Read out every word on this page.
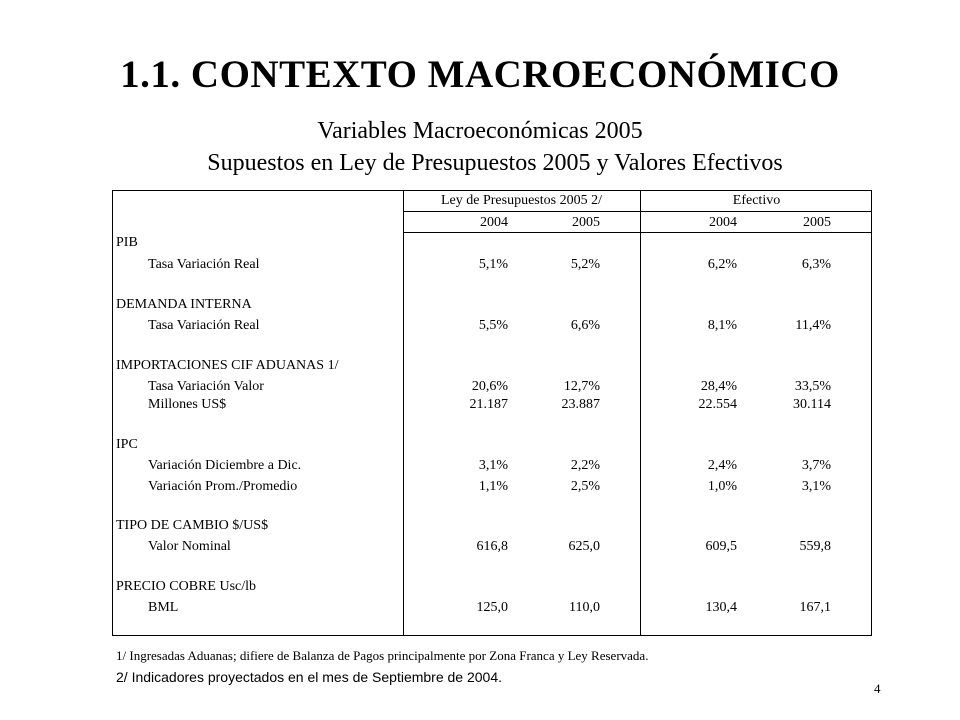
1.1. CONTEXTO MACROECONÓMICO
Variables Macroeconómicas 2005
Supuestos en Ley de Presupuestos 2005 y Valores Efectivos
Ley de Presupuestos 2005 2/	Efectivo
2004	2005	2004	2005
PIB
Tasa Variación Real	5,1%	5,2%	6,2%	6,3%
DEMANDA INTERNA
Tasa Variación Real	5,5%	6,6%	8,1%	11,4%
IMPORTACIONES CIF ADUANAS 1/
Tasa Variación Valor	20,6%	12,7%	28,4%	33,5%
Millones US$	21.187	23.887	22.554	30.114
IPC
Variación Diciembre a Dic.	3,1%	2,2%	2,4%	3,7%
Variación Prom./Promedio	1,1%	2,5%	1,0%	3,1%
TIPO DE CAMBIO $/US$
Valor Nominal	616,8	625,0	609,5	559,8
PRECIO COBRE Usc/lb
BML	125,0	110,0	130,4	167,1
1/ Ingresadas Aduanas; difiere de Balanza de Pagos principalmente por Zona Franca y Ley Reservada.
2/ Indicadores proyectados en el mes de Septiembre de 2004.
4
